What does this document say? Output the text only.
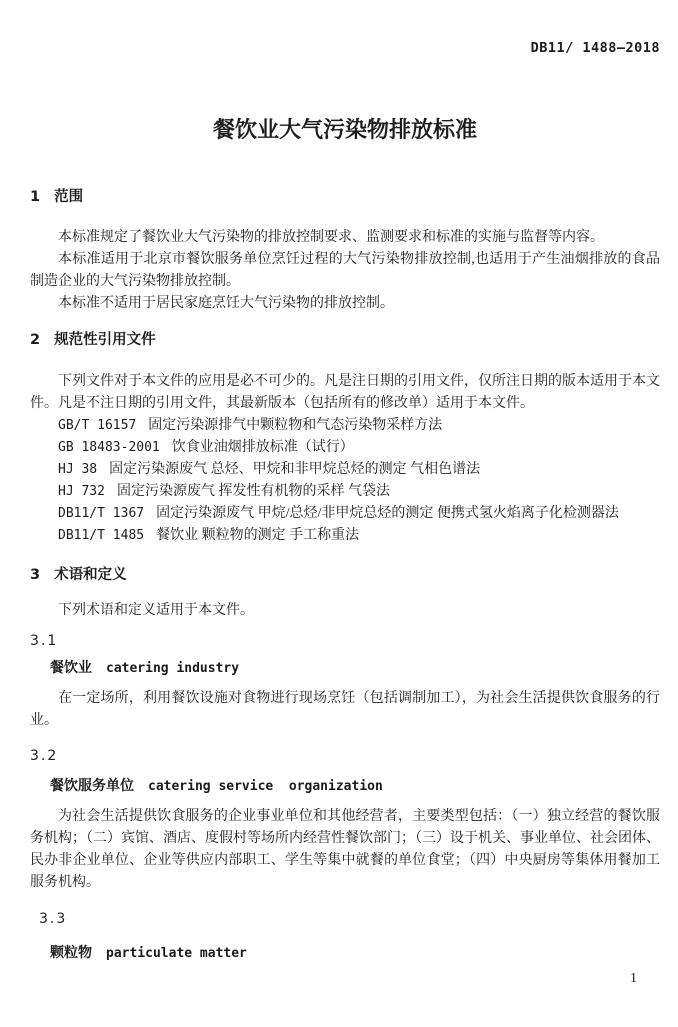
DB11/ 1488—2018
餐饮业大气污染物排放标准
1 范围

本标准规定了餐饮业大气污染物的排放控制要求、监测要求和标准的实施与监督等内容。

本标准适用于北京市餐饮服务单位烹饪过程的大气污染物排放控制,也适用于产生油烟排放的食品制造企业的大气污染物排放控制。

本标准不适用于居民家庭烹饪大气污染物的排放控制。

2 规范性引用文件

下列文件对于本文件的应用是必不可少的。凡是注日期的引用文件，仅所注日期的版本适用于本文件。凡是不注日期的引用文件，其最新版本（包括所有的修改单）适用于本文件。

GB/T 16157 固定污染源排气中颗粒物和气态污染物采样方法
GB 18483-2001 饮食业油烟排放标准（试行）
HJ 38 固定污染源废气 总烃、甲烷和非甲烷总烃的测定 气相色谱法
HJ 732 固定污染源废气 挥发性有机物的采样 气袋法
DB11/T 1367 固定污染源废气 甲烷/总烃/非甲烷总烃的测定 便携式氢火焰离子化检测器法
DB11/T 1485 餐饮业 颗粒物的测定 手工称重法
3 术语和定义

下列术语和定义适用于本文件。

3.1
餐饮业 catering industry

在一定场所，利用餐饮设施对食物进行现场烹饪（包括调制加工），为社会生活提供饮食服务的行业。

3.2
餐饮服务单位 catering service  organization

为社会生活提供饮食服务的企业事业单位和其他经营者，主要类型包括：（一）独立经营的餐饮服务机构；（二）宾馆、酒店、度假村等场所内经营性餐饮部门；（三）设于机关、事业单位、社会团体、民办非企业单位、企业等供应内部职工、学生等集中就餐的单位食堂；（四）中央厨房等集体用餐加工服务机构。

3.3
颗粒物 particulate matter
1
